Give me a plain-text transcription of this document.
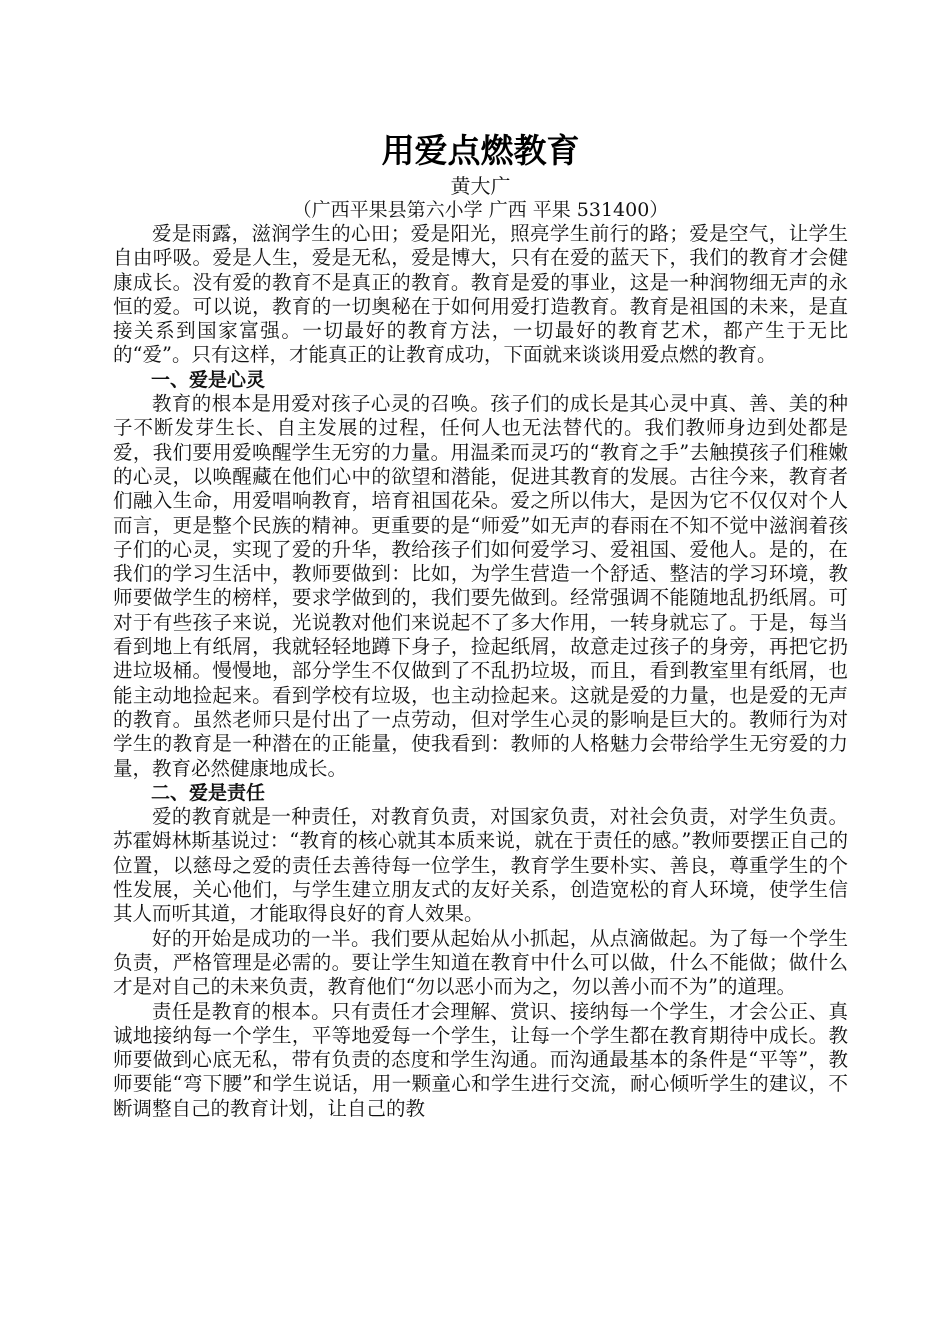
用爱点燃教育

黄大广

（广西平果县第六小学 广西 平果 531400）

爱是雨露，滋润学生的心田；爱是阳光，照亮学生前行的路；爱是空气，让学生自由呼吸。爱是人生，爱是无私，爱是博大，只有在爱的蓝天下，我们的教育才会健康成长。没有爱的教育不是真正的教育。教育是爱的事业，这是一种润物细无声的永恒的爱。可以说，教育的一切奥秘在于如何用爱打造教育。教育是祖国的未来，是直接关系到国家富强。一切最好的教育方法，一切最好的教育艺术，都产生于无比的“爱”。只有这样，才能真正的让教育成功，下面就来谈谈用爱点燃的教育。

一、爱是心灵

教育的根本是用爱对孩子心灵的召唤。孩子们的成长是其心灵中真、善、美的种子不断发芽生长、自主发展的过程，任何人也无法替代的。我们教师身边到处都是爱，我们要用爱唤醒学生无穷的力量。用温柔而灵巧的“教育之手”去触摸孩子们稚嫩的心灵，以唤醒藏在他们心中的欲望和潜能，促进其教育的发展。古往今来，教育者们融入生命，用爱唱响教育，培育祖国花朵。爱之所以伟大，是因为它不仅仅对个人而言，更是整个民族的精神。更重要的是“师爱”如无声的春雨在不知不觉中滋润着孩子们的心灵，实现了爱的升华，教给孩子们如何爱学习、爱祖国、爱他人。是的，在我们的学习生活中，教师要做到：比如，为学生营造一个舒适、整洁的学习环境，教师要做学生的榜样，要求学做到的，我们要先做到。经常强调不能随地乱扔纸屑。可对于有些孩子来说，光说教对他们来说起不了多大作用，一转身就忘了。于是，每当看到地上有纸屑，我就轻轻地蹲下身子，捡起纸屑，故意走过孩子的身旁，再把它扔进垃圾桶。慢慢地，部分学生不仅做到了不乱扔垃圾，而且，看到教室里有纸屑，也能主动地捡起来。看到学校有垃圾，也主动捡起来。这就是爱的力量，也是爱的无声的教育。虽然老师只是付出了一点劳动，但对学生心灵的影响是巨大的。教师行为对学生的教育是一种潜在的正能量，使我看到：教师的人格魅力会带给学生无穷爱的力量，教育必然健康地成长。

二、爱是责任

爱的教育就是一种责任，对教育负责，对国家负责，对社会负责，对学生负责。苏霍姆林斯基说过：“教育的核心就其本质来说，就在于责任的感。”教师要摆正自己的位置，以慈母之爱的责任去善待每一位学生，教育学生要朴实、善良，尊重学生的个性发展，关心他们，与学生建立朋友式的友好关系，创造宽松的育人环境，使学生信其人而听其道，才能取得良好的育人效果。

好的开始是成功的一半。我们要从起始从小抓起，从点滴做起。为了每一个学生负责，严格管理是必需的。要让学生知道在教育中什么可以做，什么不能做；做什么才是对自己的未来负责，教育他们“勿以恶小而为之，勿以善小而不为”的道理。

责任是教育的根本。只有责任才会理解、赏识、接纳每一个学生，才会公正、真诚地接纳每一个学生，平等地爱每一个学生，让每一个学生都在教育期待中成长。教师要做到心底无私，带有负责的态度和学生沟通。而沟通最基本的条件是“平等”，教师要能“弯下腰”和学生说话，用一颗童心和学生进行交流，耐心倾听学生的建议，不断调整自己的教育计划，让自己的教
